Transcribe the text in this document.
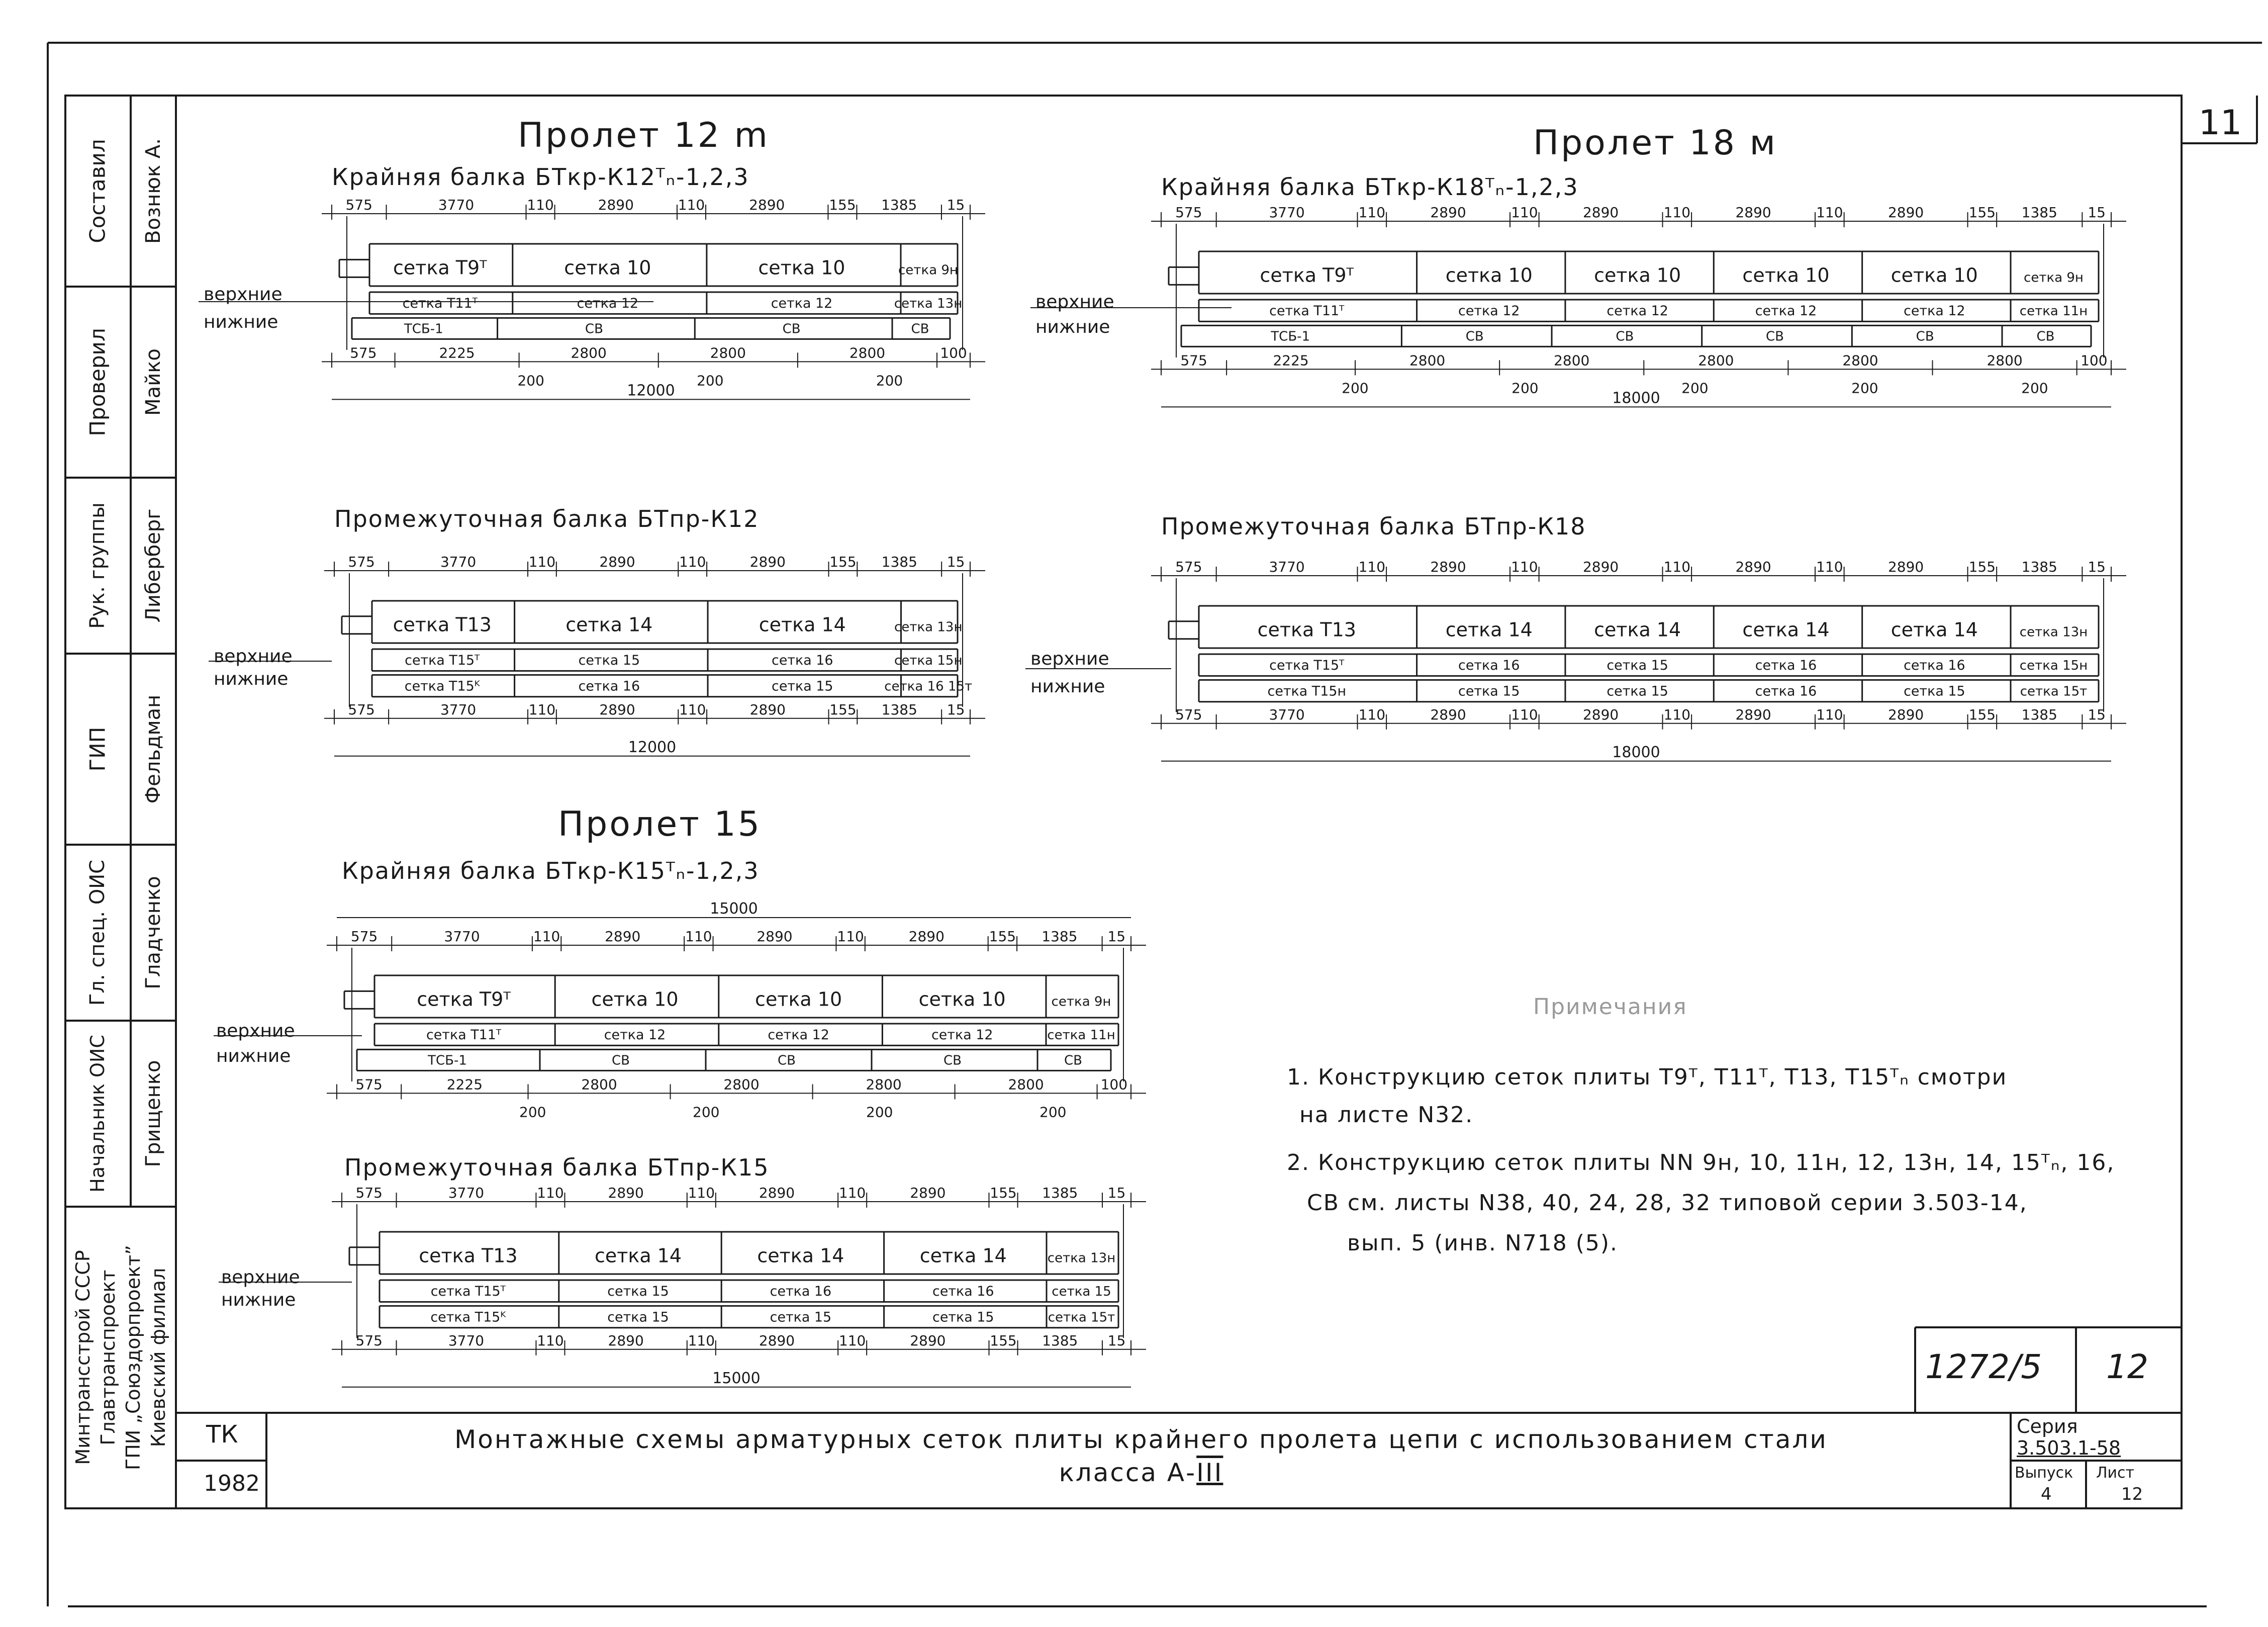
11
Составил Вознюк А.
Проверил Майко
Рук. группы Либерберг
ГИП Фельдман
Гл. спец. ОИС Гладченко
Начальник ОИС Грищенко
Минтрансстрой СССР Главтранспроект ГПИ „Союздорпроект” Киевский филиал ТК
1982
Монтажные схемы арматурных сеток плиты крайнего пролета цепи с использованием стали
класса А-III
1272/5 12
Серия
3.503.1-58
Выпуск
4
Лист
12
Пролет 12 m	Пролет 18 м
Пролет 15
Крайняя балка БТкр-К12ᵀₙ-1,2,3
Промежуточная балка БТпр-К12
Крайняя балка БТкр-К18ᵀₙ-1,2,3
Промежуточная балка БТпр-К18
Крайняя балка БТкр-К15ᵀₙ-1,2,3
Промежуточная балка БТпр-К15
верхние
нижние
верхние
нижние
верхние
нижние
верхние
нижние
верхние
нижние
верхние
нижние
575	3770	110	2890	110	2890	155 1385 15
сетка Т9ᵀ	сетка 10	сетка 10	сетка 9н
сетка Т11ᵀ	сетка 12	сетка 12	сетка 13н
ТСБ-1	СВ	СВ	СВ
575	2225	2800	2800	2800	100
200	200	200
12000
575	3770	110	2890	110	2890	155 1385 15
сетка Т13	сетка 14	сетка 14	сетка 13н
сетка Т15ᵀ	сетка 15	сетка 16	сетка 15н
сетка Т15ᴷ	сетка 16	сетка 15	сетка 16 15т
575	3770	110	2890	110	2890	155 1385 15
12000
575	3770	110	2890	110	2890	110	2890	110	2890	155 1385 15
сетка Т9ᵀ	сетка 10	сетка 10	сетка 10	сетка 10	сетка 9н
сетка Т11ᵀ	сетка 12	сетка 12	сетка 12	сетка 12	сетка 11н
ТСБ-1	СВ	СВ	СВ	СВ	СВ
575	2225	2800	2800	2800	2800	2800	100
200	200	200	200	200
18000
575	3770	110	2890	110	2890	110	2890	110	2890	155 1385 15
сетка Т13	сетка 14	сетка 14	сетка 14	сетка 14	сетка 13н
сетка Т15ᵀ	сетка 16	сетка 15	сетка 16	сетка 16	сетка 15н
сетка Т15н	сетка 15	сетка 15	сетка 16	сетка 15	сетка 15т
575	3770	110	2890	110	2890	110	2890	110	2890	155 1385 15
18000
575	3770	110	2890	110	2890	110	2890	155 1385 15
сетка Т9ᵀ	сетка 10	сетка 10	сетка 10	сетка 9н
сетка Т11ᵀ	сетка 12	сетка 12	сетка 12	сетка 11н
ТСБ-1	СВ	СВ	СВ	СВ
575	2225	2800	2800	2800	2800	100
200	200	200	200
15000
575	3770	110	2890	110	2890	110	2890	155 1385 15
сетка Т13	сетка 14	сетка 14	сетка 14	сетка 13н
сетка Т15ᵀ	сетка 15	сетка 16	сетка 16	сетка 15
сетка Т15ᴷ	сетка 15	сетка 15	сетка 15	сетка 15т
575	3770	110	2890	110	2890	110	2890	155 1385 15
15000
Примечания
1. Конструкцию сеток плиты Т9ᵀ, Т11ᵀ, Т13, Т15ᵀₙ смотри
на листе N32.
2. Конструкцию сеток плиты NN 9н, 10, 11н, 12, 13н, 14, 15ᵀₙ, 16,
СВ см. листы N38, 40, 24, 28, 32 типовой серии 3.503-14,
вып. 5 (инв. N718 (5).
